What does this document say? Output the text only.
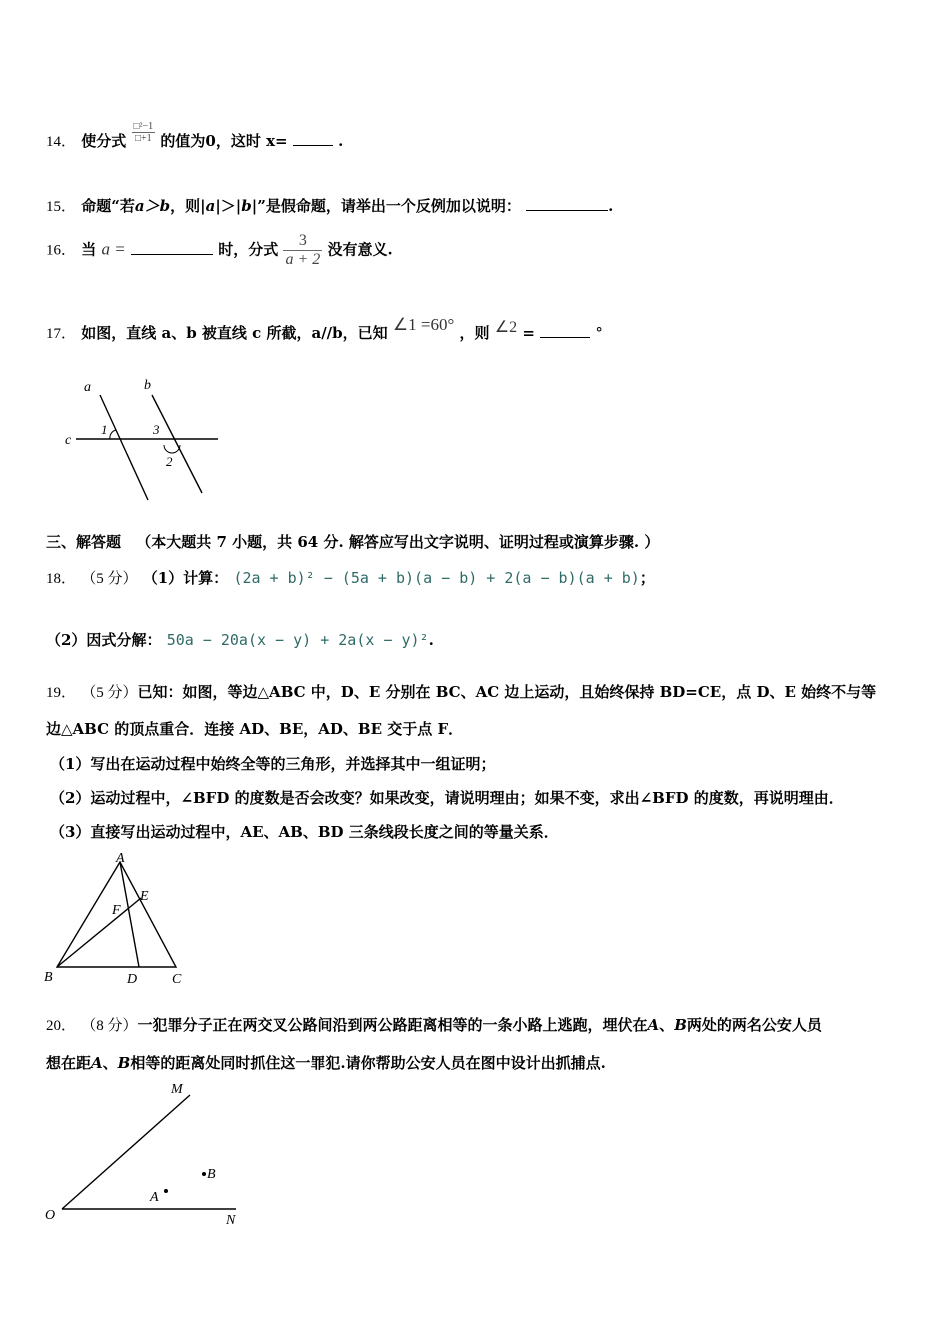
14． 使分式 $\frac{\text{□²−1}}{□+1}$ 的值为0，这时 x=	.
15． 命题“若a＞b，则|a|＞|b|”是假命题，请举出一个反例加以说明：	.
16． 当 a =	时，分式 $\frac{3}{a + 2}$ 没有意义.
17． 如图，直线 a、b 被直线 c 所截，a//b，已知 ∠1 =60° ，则 ∠2 =	°
a	b
c
1	3
2
三、解答题 （本大题共 7 小题，共 64 分. 解答应写出文字说明、证明过程或演算步骤. ）
18． （5 分） （1）计算： (2a + b)² − (5a + b)(a − b) + 2(a − b)(a + b)；
（2）因式分解： 50a − 20a(x − y) + 2a(x − y)².
19． （5 分）已知：如图，等边△ABC 中，D、E 分别在 BC、AC 边上运动，且始终保持 BD=CE，点 D、E 始终不与等
边△ABC 的顶点重合．连接 AD、BE，AD、BE 交于点 F．
（1）写出在运动过程中始终全等的三角形，并选择其中一组证明；
（2）运动过程中，∠BFD 的度数是否会改变？如果改变，请说明理由；如果不变，求出∠BFD 的度数，再说明理由．
（3）直接写出运动过程中，AE、AB、BD 三条线段长度之间的等量关系．
A
B	C
D
E
F
20． （8 分）一犯罪分子正在两交叉公路间沿到两公路距离相等的一条小路上逃跑，埋伏在A、B两处的两名公安人员
想在距A、B相等的距离处同时抓住这一罪犯.请你帮助公安人员在图中设计出抓捕点.
O
M
N
A
B
